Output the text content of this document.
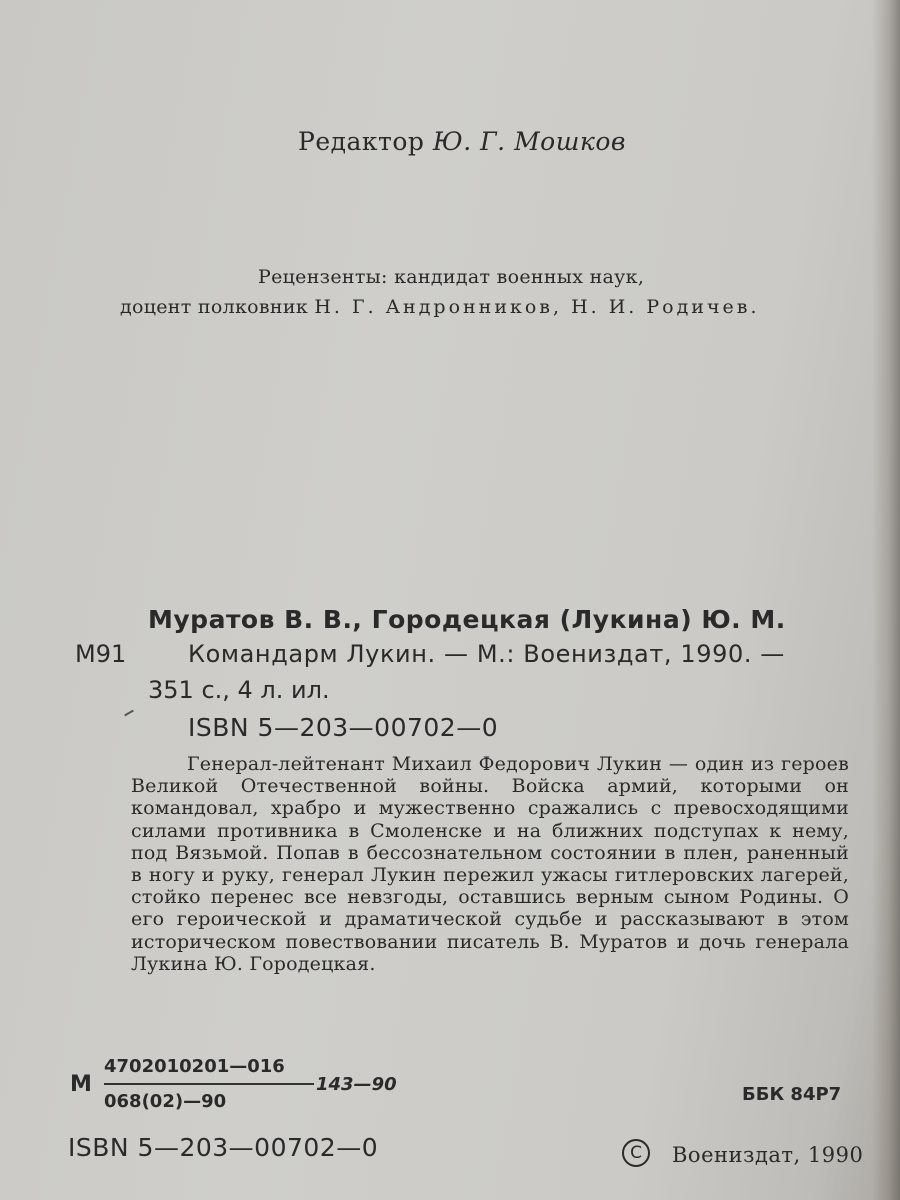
Редактор Ю. Г. Мошков
Рецензенты: кандидат военных наук,
доцент полковник Н. Г. Андронников, Н. И. Родичев.
Муратов В. В., Городецкая (Лукина) Ю. М.
М91	Командарм Лукин. — М.: Воениздат, 1990. —
351 с., 4 л. ил.
ISBN 5—203—00702—0
Генерал-лейтенант Михаил Федорович Лукин — один из героев Великой Отечественной войны. Войска армий, которыми он командовал, храбро и мужественно сражались с превосходящими силами противника в Смоленске и на ближних подступах к нему, под Вязьмой. Попав в бессознательном состоянии в плен, раненный в ногу и руку, генерал Лукин пережил ужасы гитлеровских лагерей, стойко перенес все невзгоды, оставшись верным сыном Родины. О его героической и драматической судьбе и рассказывают в этом историческом повествовании писатель В. Муратов и дочь генерала Лукина Ю. Городецкая.
М
4702010201—016
068(02)—90
143—90	ББК 84Р7
ISBN 5—203—00702—0	C	Воениздат, 1990
